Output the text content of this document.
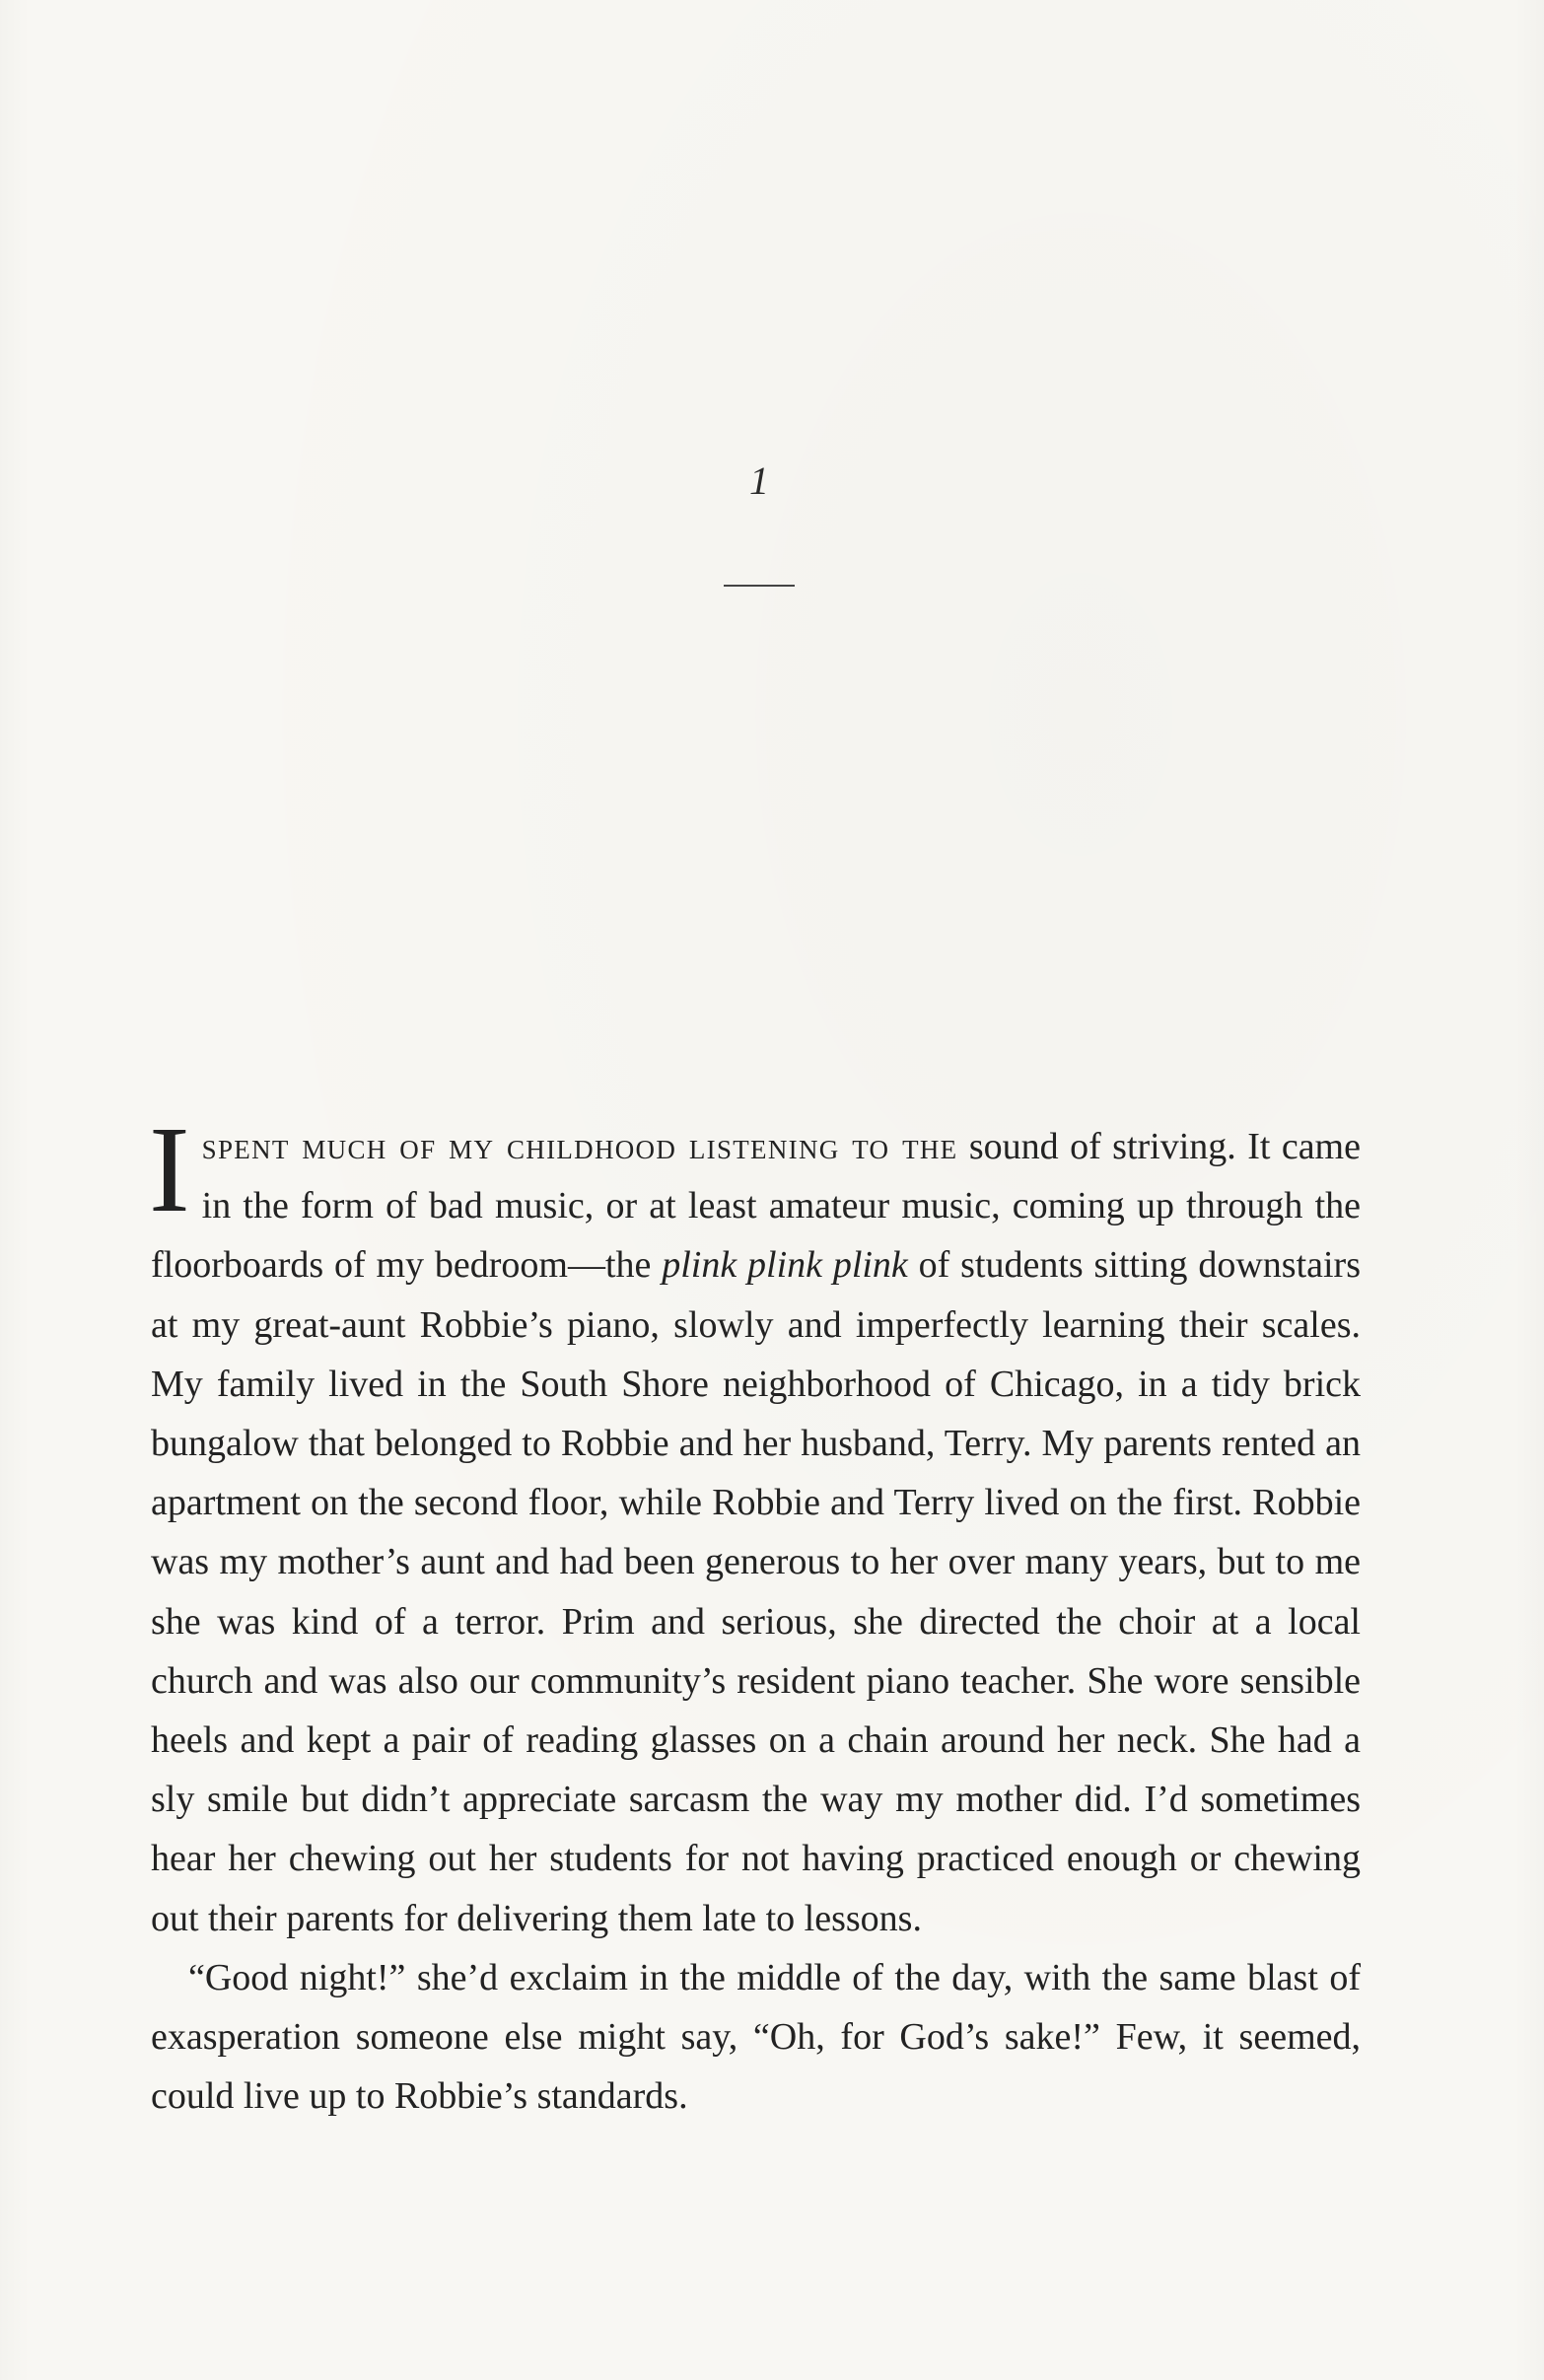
1

Ispent much of my childhood listening to the sound of striving. It came in the form of bad music, or at least amateur music, coming up through the floorboards of my bedroom—the plink plink plink of students sitting downstairs at my great-aunt Robbie’s piano, slowly and imperfectly learning their scales. My family lived in the South Shore neighborhood of Chicago, in a tidy brick bungalow that belonged to Robbie and her husband, Terry. My parents rented an apartment on the second floor, while Robbie and Terry lived on the first. Robbie was my mother’s aunt and had been generous to her over many years, but to me she was kind of a terror. Prim and serious, she directed the choir at a local church and was also our community’s resident piano teacher. She wore sensible heels and kept a pair of reading glasses on a chain around her neck. She had a sly smile but didn’t appreciate sarcasm the way my mother did. I’d sometimes hear her chewing out her students for not having practiced enough or chewing out their parents for delivering them late to lessons.

“Good night!” she’d exclaim in the middle of the day, with the same blast of exasperation someone else might say, “Oh, for God’s sake!” Few, it seemed, could live up to Robbie’s standards.
